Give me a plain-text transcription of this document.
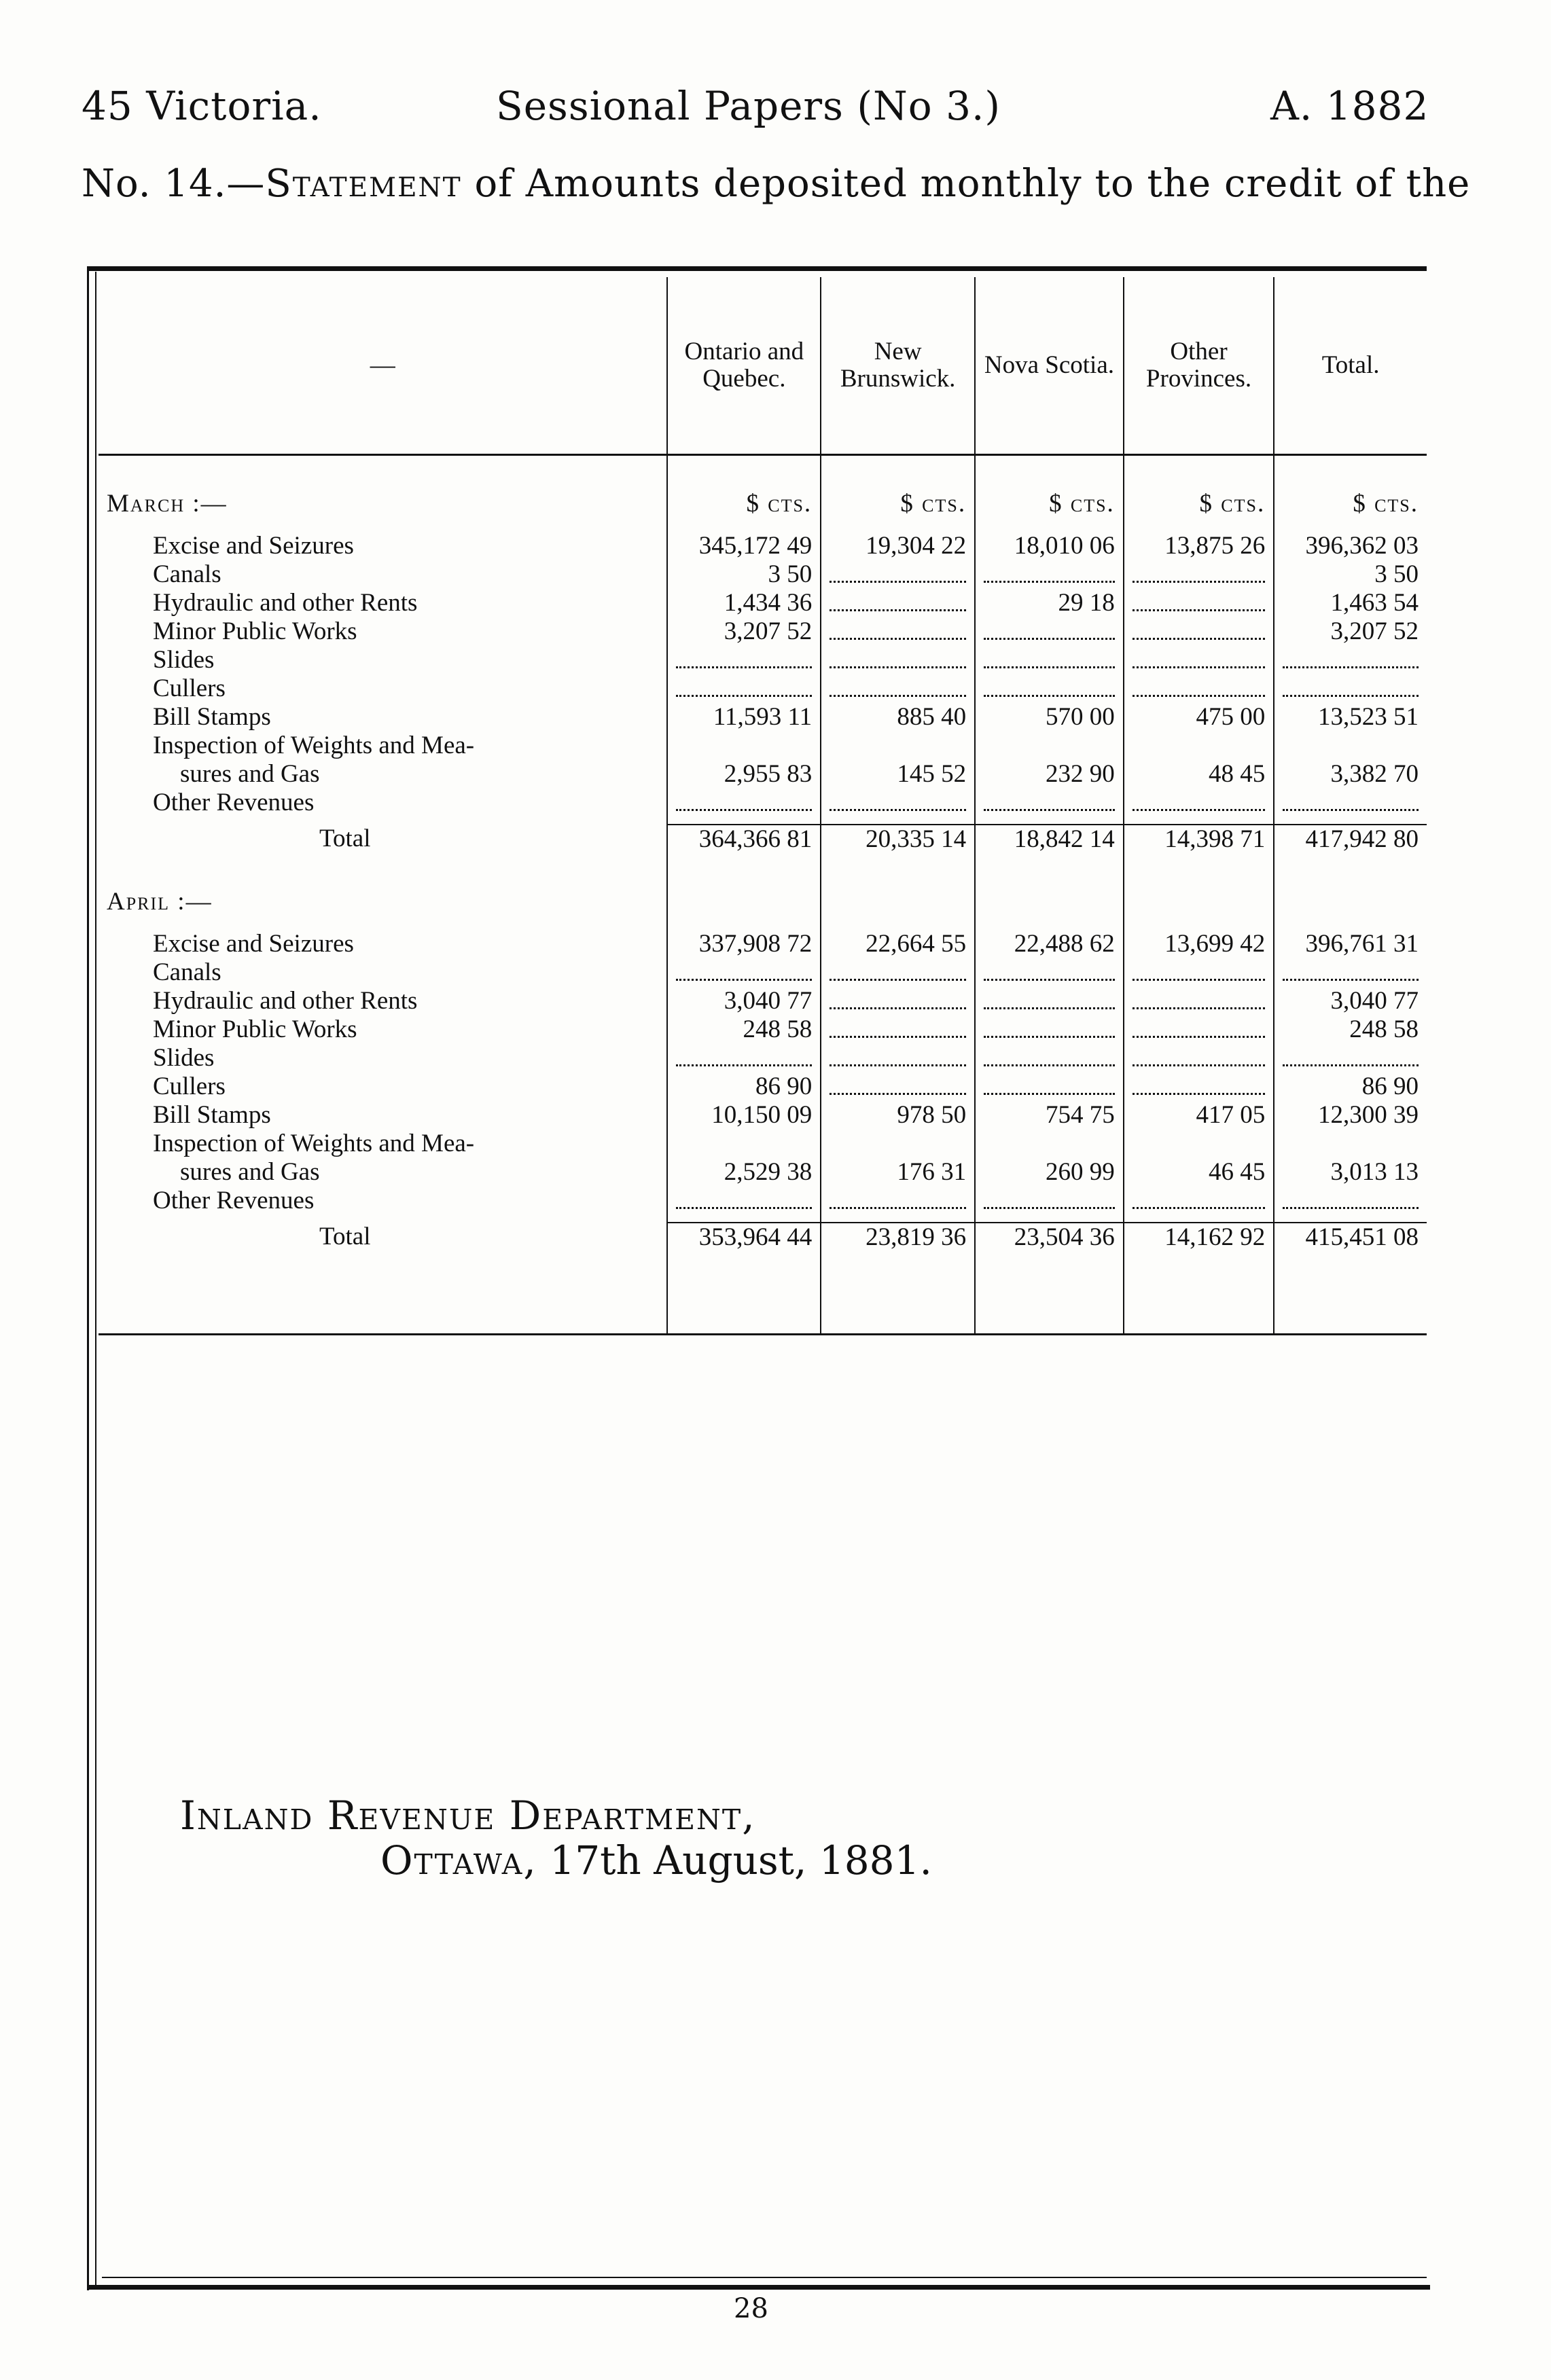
45 Victoria.	Sessional Papers (No 3.)	A. 1882
No. 14.—Statement of Amounts deposited monthly to the credit of the
—	Ontario and Quebec.	New Brunswick.	Nova Scotia.	Other Provinces.	Total.

March :—	$ cts.	$ cts.	$ cts.	$ cts.	$ cts.

Excise and Seizures	345,172 49	19,304 22	18,010 06	13,875 26	396,362 03
Canals	3 50				3 50
Hydraulic and other Rents	1,434 36		29 18		1,463 54
Minor Public Works	3,207 52				3,207 52
Slides	

Cullers	

Bill Stamps	11,593 11	885 40	570 00	475 00	13,523 51
Inspection of Weights and Mea-
sures and Gas	2,955 83	145 52	232 90	48 45	3,382 70
Other Revenues	

Total	364,366 81	20,335 14	18,842 14	14,398 71	417,942 80

April :—					

Excise and Seizures	337,908 72	22,664 55	22,488 62	13,699 42	396,761 31
Canals	

Hydraulic and other Rents	3,040 77				3,040 77
Minor Public Works	248 58				248 58
Slides	

Cullers	86 90				86 90
Bill Stamps	10,150 09	978 50	754 75	417 05	12,300 39
Inspection of Weights and Mea-
sures and Gas	2,529 38	176 31	260 99	46 45	3,013 13
Other Revenues	

Total	353,964 44	23,819 36	23,504 36	14,162 92	415,451 08

Inland Revenue Department,
Ottawa, 17th August, 1881.
28
